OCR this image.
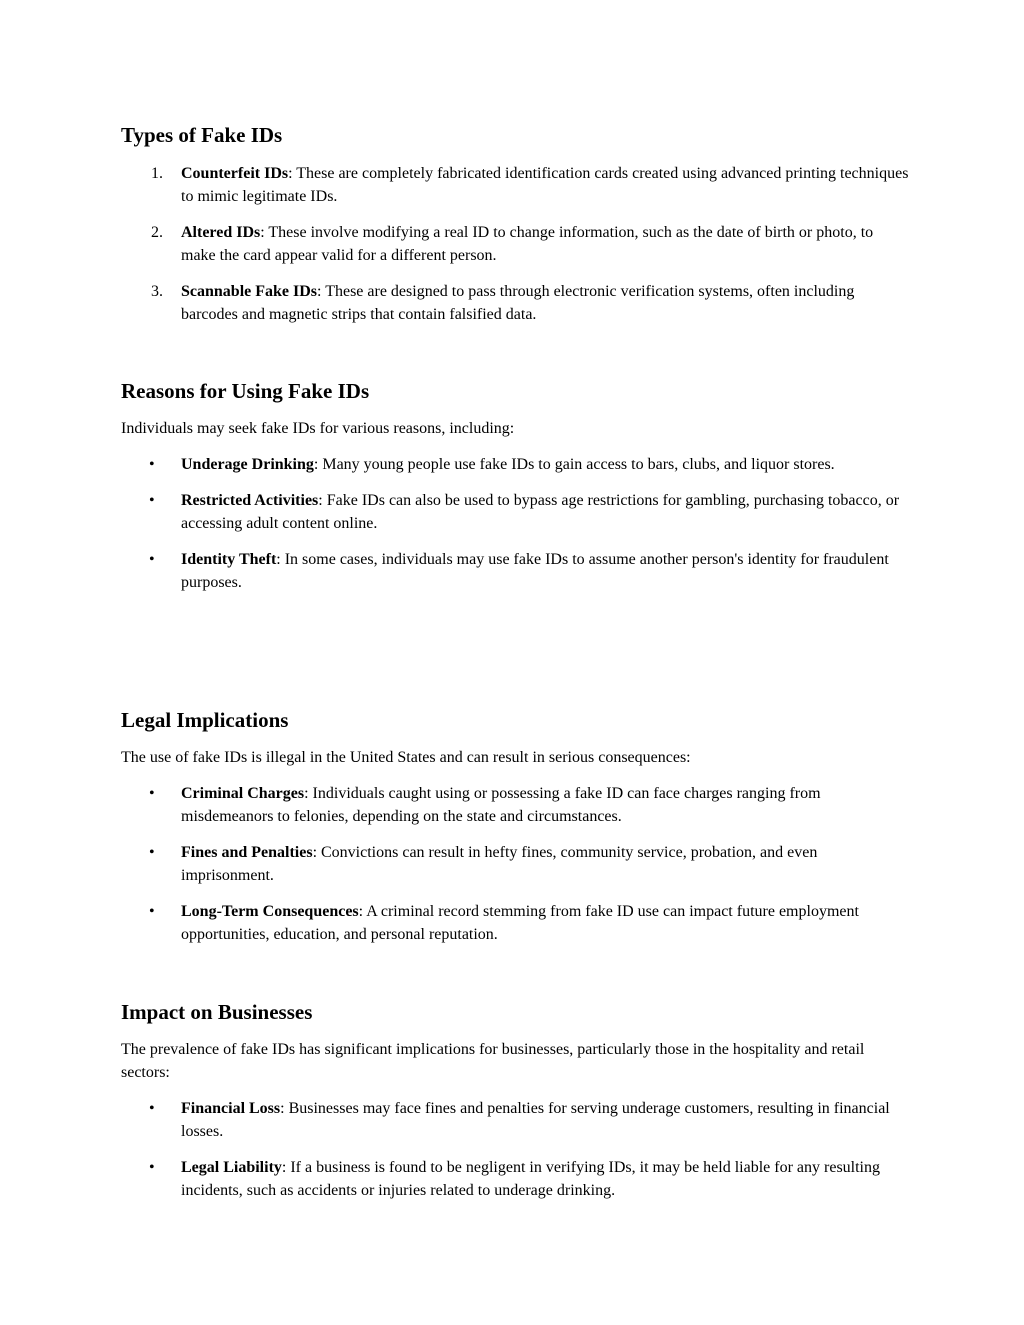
Types of Fake IDs
1.	Counterfeit IDs: These are completely fabricated identification cards created using advanced printing techniques to mimic legitimate IDs.
2.	Altered IDs: These involve modifying a real ID to change information, such as the date of birth or photo, to make the card appear valid for a different person.
3.	Scannable Fake IDs: These are designed to pass through electronic verification systems, often including barcodes and magnetic strips that contain falsified data.
Reasons for Using Fake IDs

Individuals may seek fake IDs for various reasons, including:

•	Underage Drinking: Many young people use fake IDs to gain access to bars, clubs, and liquor stores.
•	Restricted Activities: Fake IDs can also be used to bypass age restrictions for gambling, purchasing tobacco, or accessing adult content online.
•	Identity Theft: In some cases, individuals may use fake IDs to assume another person's identity for fraudulent purposes.
Legal Implications

The use of fake IDs is illegal in the United States and can result in serious consequences:

•	Criminal Charges: Individuals caught using or possessing a fake ID can face charges ranging from misdemeanors to felonies, depending on the state and circumstances.
•	Fines and Penalties: Convictions can result in hefty fines, community service, probation, and even imprisonment.
•	Long-Term Consequences: A criminal record stemming from fake ID use can impact future employment opportunities, education, and personal reputation.
Impact on Businesses

The prevalence of fake IDs has significant implications for businesses, particularly those in the hospitality and retail sectors:

•	Financial Loss: Businesses may face fines and penalties for serving underage customers, resulting in financial losses.
•	Legal Liability: If a business is found to be negligent in verifying IDs, it may be held liable for any resulting incidents, such as accidents or injuries related to underage drinking.
